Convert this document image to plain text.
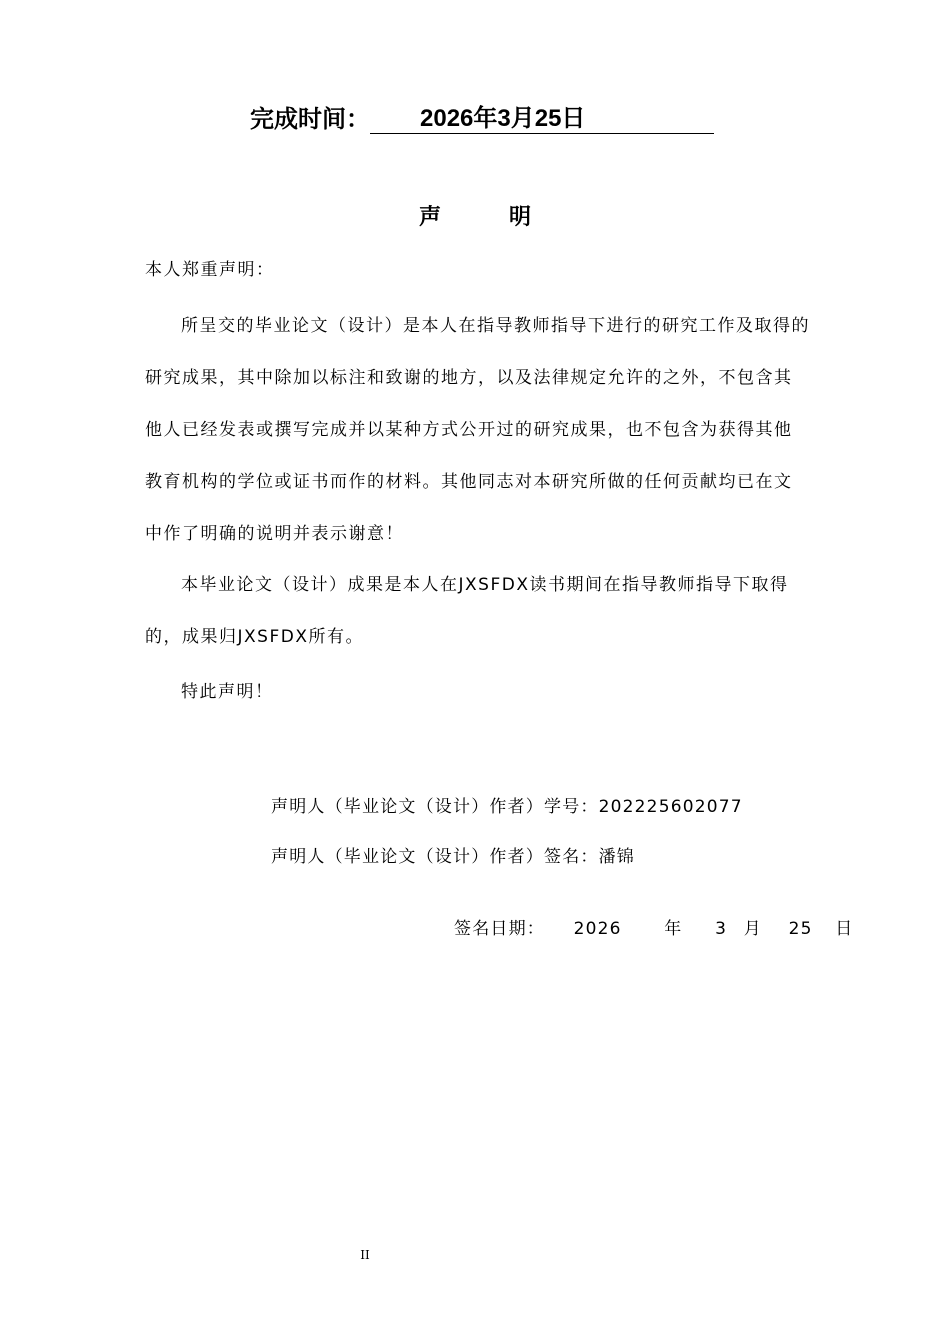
完成时间：	2026年3月25日
声明

本人郑重声明：

所呈交的毕业论文（设计）是本人在指导教师指导下进行的研究工作及取得的研究成果，其中除加以标注和致谢的地方，以及法律规定允许的之外，不包含其他人已经发表或撰写完成并以某种方式公开过的研究成果，也不包含为获得其他教育机构的学位或证书而作的材料。其他同志对本研究所做的任何贡献均已在文中作了明确的说明并表示谢意！

本毕业论文（设计）成果是本人在JXSFDX读书期间在指导教师指导下取得的，成果归JXSFDX所有。

特此声明！

声明人（毕业论文（设计）作者）学号：202225602077
声明人（毕业论文（设计）作者）签名：潘锦
签名日期： 2026	年 3 月 25 日
II
